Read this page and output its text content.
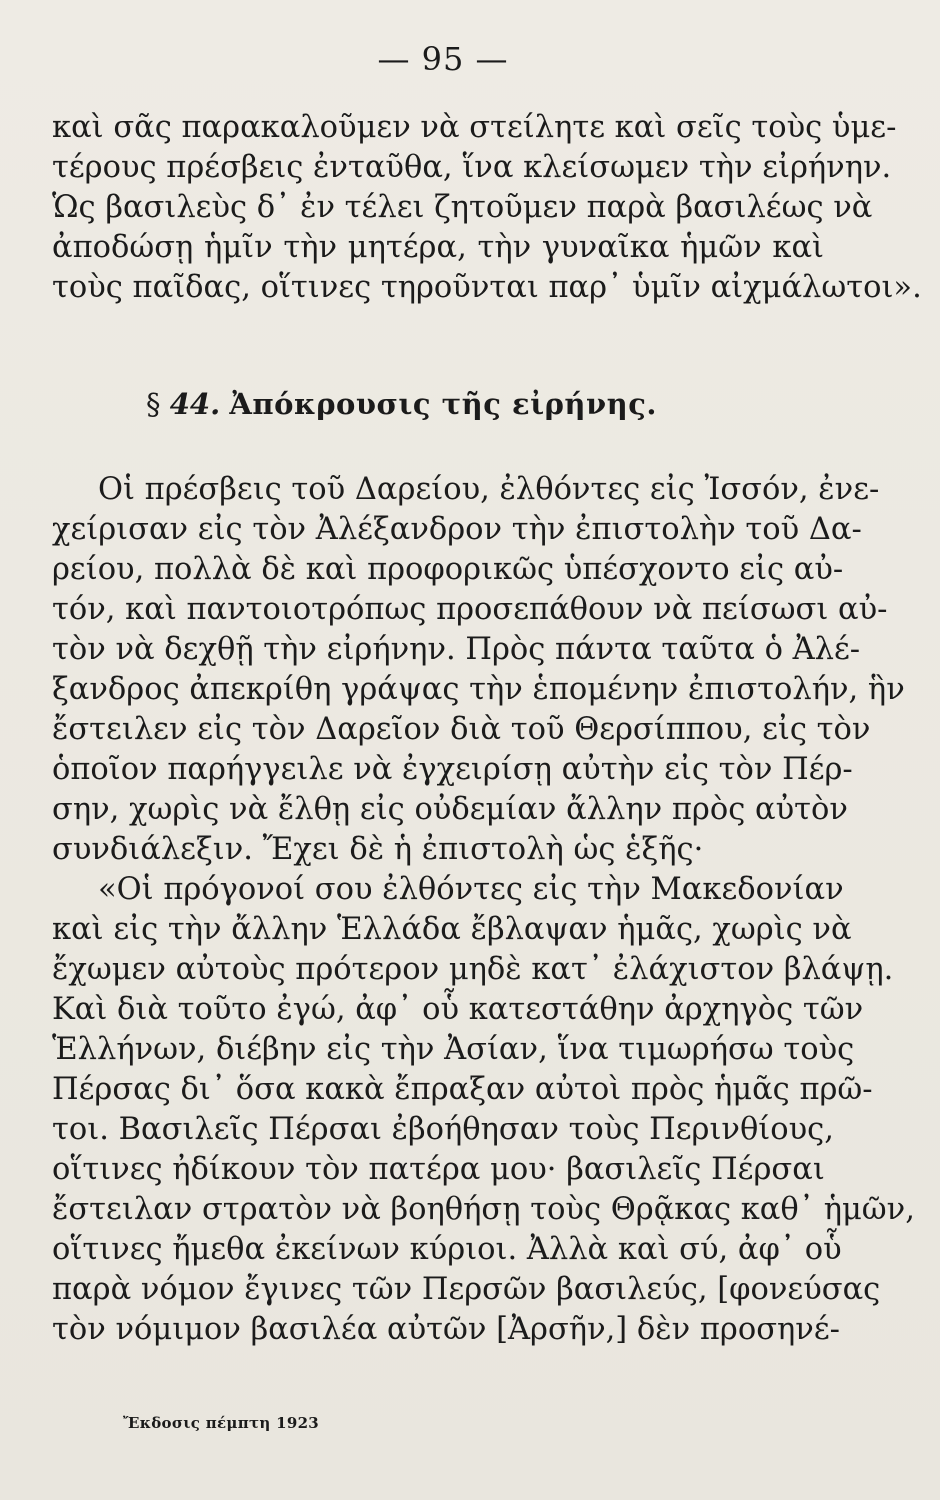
— 95 —
καὶ σᾶς παρακαλοῦμεν νὰ στείλητε καὶ σεῖς τοὺς ὑμε-
τέρους πρέσβεις ἐνταῦθα, ἵνα κλείσωμεν τὴν εἰρήνην.
Ὡς βασιλεὺς δ᾽ ἐν τέλει ζητοῦμεν παρὰ βασιλέως νὰ
ἀποδώσῃ ἡμῖν τὴν μητέρα, τὴν γυναῖκα ἡμῶν καὶ
τοὺς παῖδας, οἵτινες τηροῦνται παρ᾽ ὑμῖν αἰχμάλωτοι».
§ 44. Ἀπόκρουσις τῆς εἰρήνης.
Οἱ πρέσβεις τοῦ Δαρείου, ἐλθόντες εἰς Ἰσσόν, ἐνε-
χείρισαν εἰς τὸν Ἀλέξανδρον τὴν ἐπιστολὴν τοῦ Δα-
ρείου, πολλὰ δὲ καὶ προφορικῶς ὑπέσχοντο εἰς αὐ-
τόν, καὶ παντοιοτρόπως προσεπάθουν νὰ πείσωσι αὐ-
τὸν νὰ δεχθῇ τὴν εἰρήνην. Πρὸς πάντα ταῦτα ὁ Ἀλέ-
ξανδρος ἀπεκρίθη γράψας τὴν ἑπομένην ἐπιστολήν, ἣν
ἔστειλεν εἰς τὸν Δαρεῖον διὰ τοῦ Θερσίππου, εἰς τὸν
ὁποῖον παρήγγειλε νὰ ἐγχειρίσῃ αὐτὴν εἰς τὸν Πέρ-
σην, χωρὶς νὰ ἔλθῃ εἰς οὐδεμίαν ἄλλην πρὸς αὐτὸν
συνδιάλεξιν. Ἔχει δὲ ἡ ἐπιστολὴ ὡς ἑξῆς·
«Οἱ πρόγονοί σου ἐλθόντες εἰς τὴν Μακεδονίαν
καὶ εἰς τὴν ἄλλην Ἑλλάδα ἔβλαψαν ἡμᾶς, χωρὶς νὰ
ἔχωμεν αὐτοὺς πρότερον μηδὲ κατ᾽ ἐλάχιστον βλάψῃ.
Καὶ διὰ τοῦτο ἐγώ, ἀφ᾽ οὗ κατεστάθην ἀρχηγὸς τῶν
Ἑλλήνων, διέβην εἰς τὴν Ἀσίαν, ἵνα τιμωρήσω τοὺς
Πέρσας δι᾽ ὅσα κακὰ ἔπραξαν αὐτοὶ πρὸς ἡμᾶς πρῶ-
τοι. Βασιλεῖς Πέρσαι ἐβοήθησαν τοὺς Περινθίους,
οἵτινες ἠδίκουν τὸν πατέρα μου· βασιλεῖς Πέρσαι
ἔστειλαν στρατὸν νὰ βοηθήσῃ τοὺς Θρᾷκας καθ᾽ ἡμῶν,
οἵτινες ἤμεθα ἐκείνων κύριοι. Ἀλλὰ καὶ σύ, ἀφ᾽ οὗ
παρὰ νόμον ἔγινες τῶν Περσῶν βασιλεύς, [φονεύσας
τὸν νόμιμον βασιλέα αὐτῶν [Ἀρσῆν,] δὲν προσηνέ-
Ἔκδοσις πέμπτη 1923
